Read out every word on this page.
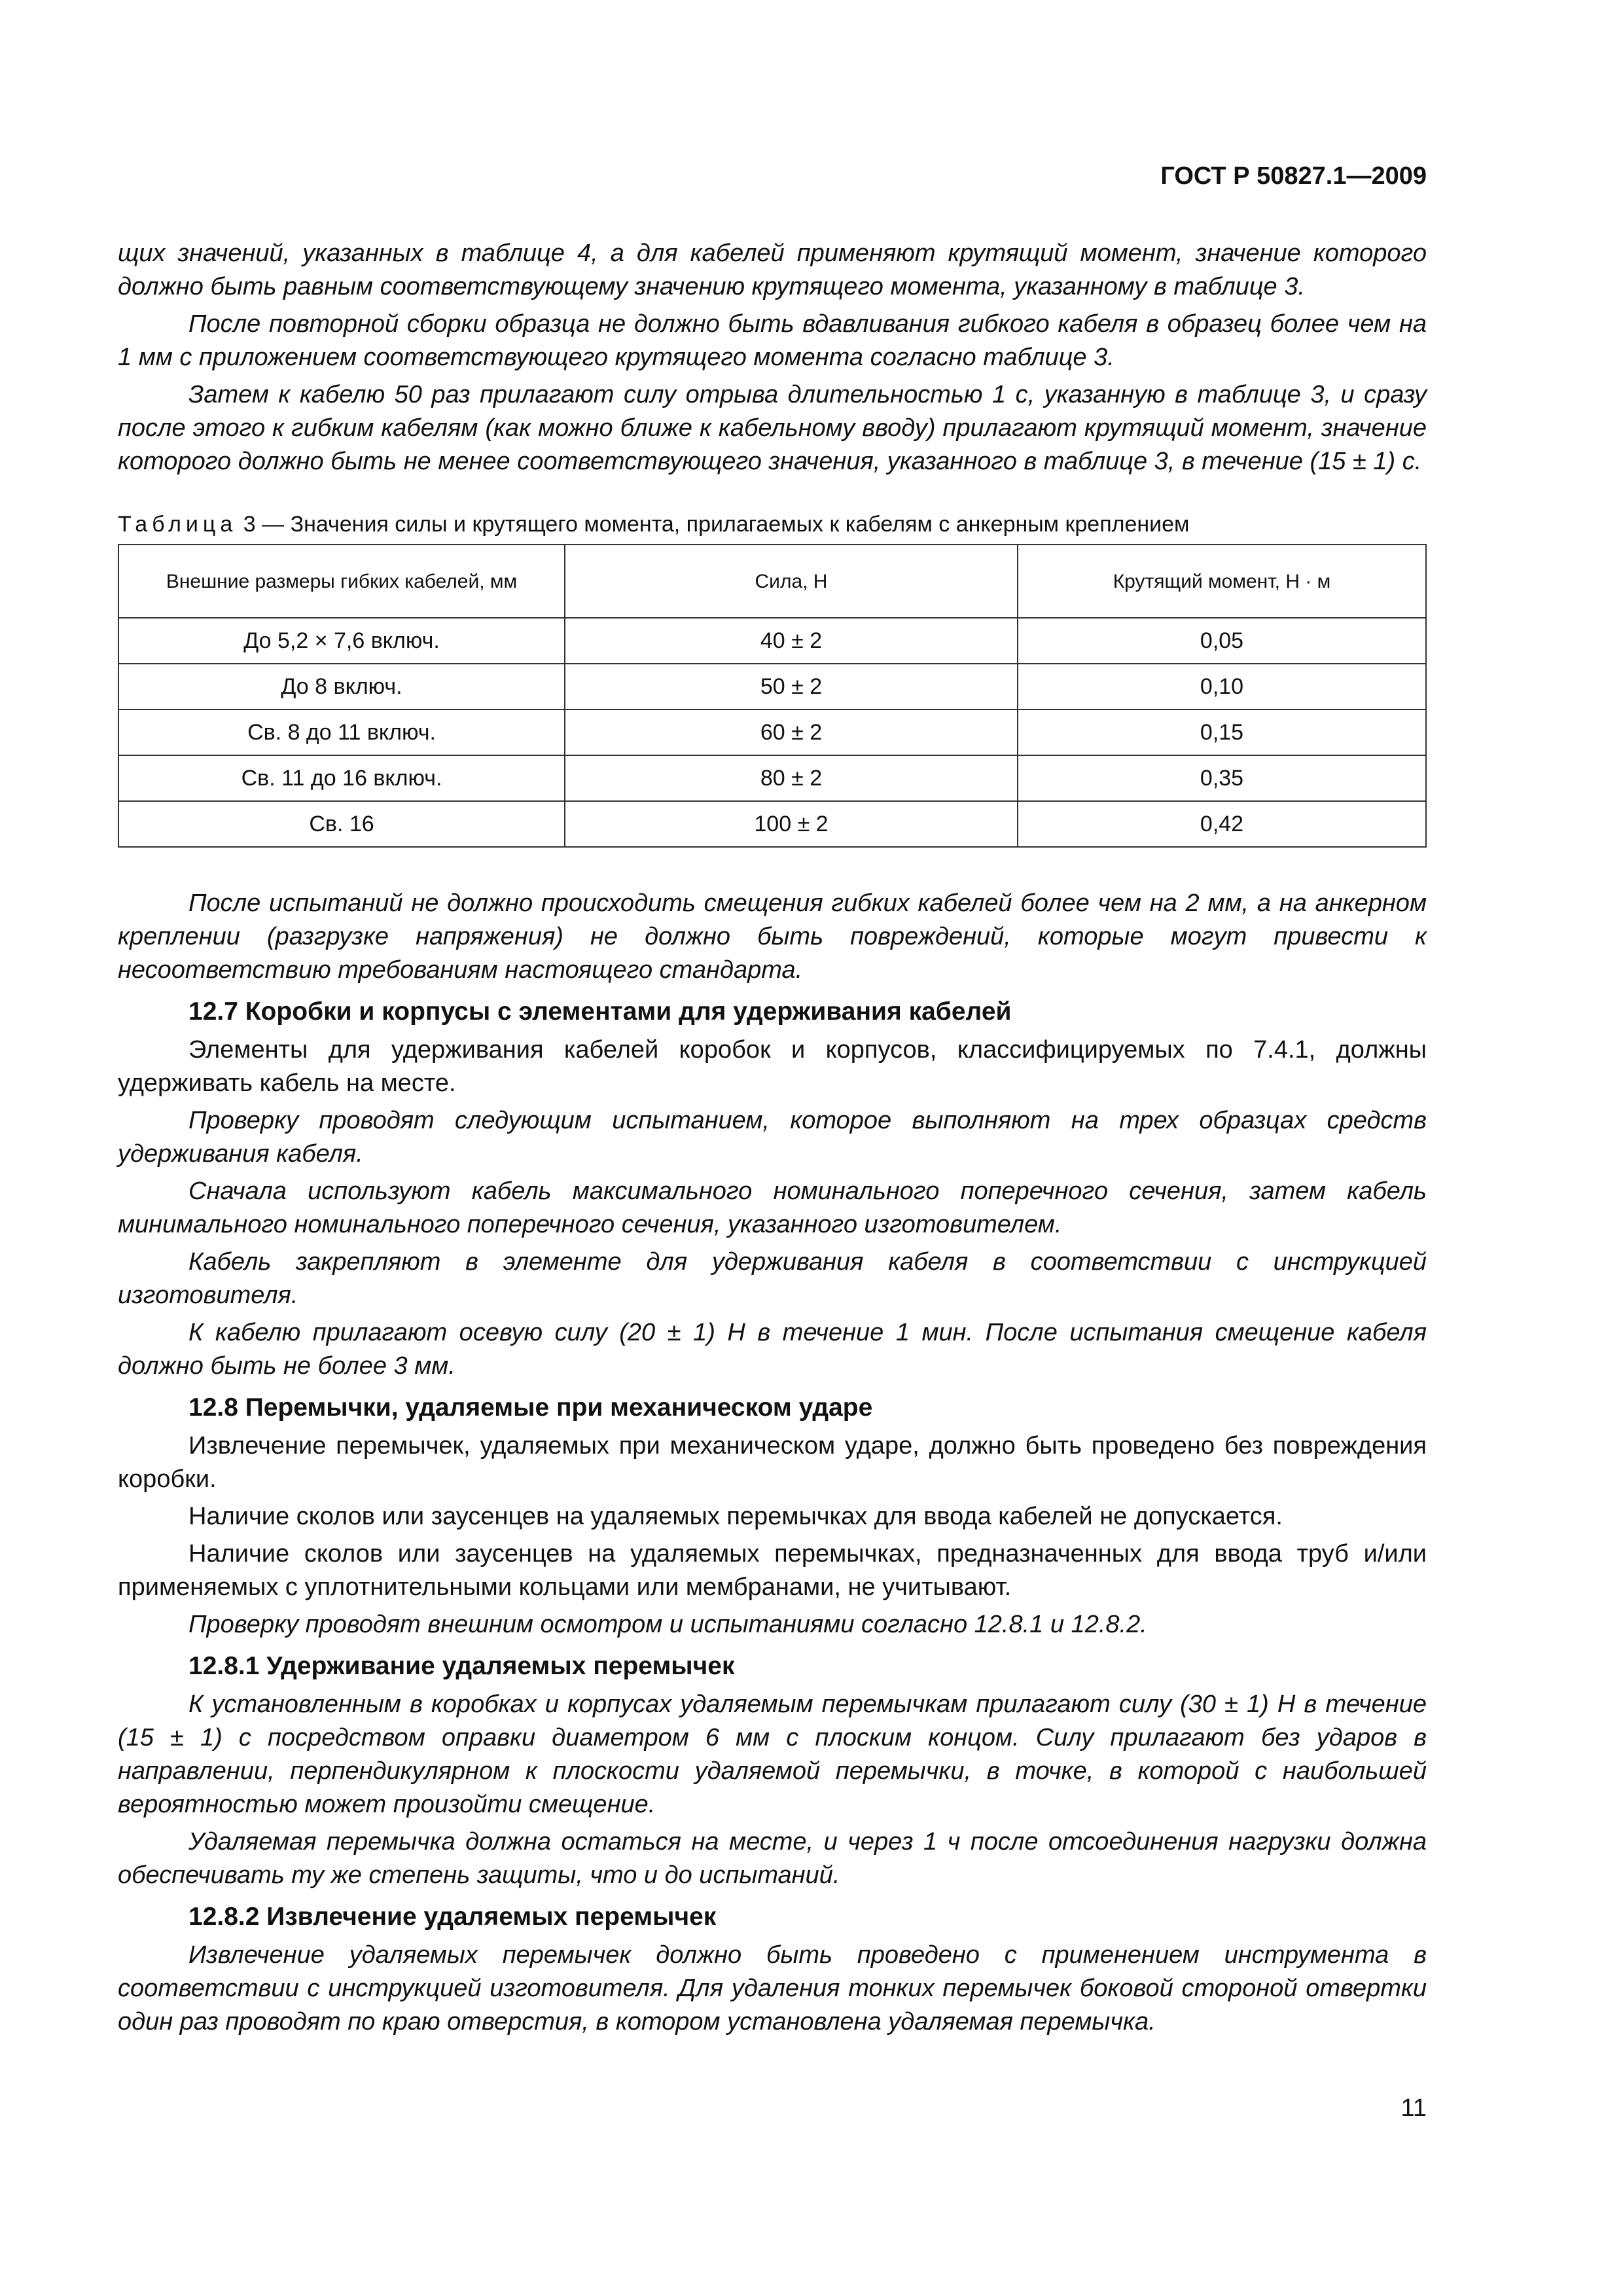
ГОСТ Р 50827.1—2009

щих значений, указанных в таблице 4, а для кабелей применяют крутящий момент, значение которого должно быть равным соответствующему значению крутящего момента, указанному в таблице 3.

После повторной сборки образца не должно быть вдавливания гибкого кабеля в образец более чем на 1 мм с приложением соответствующего крутящего момента согласно таблице 3.

Затем к кабелю 50 раз прилагают силу отрыва длительностью 1 с, указанную в таблице 3, и сразу после этого к гибким кабелям (как можно ближе к кабельному вводу) прилагают крутящий момент, значение которого должно быть не менее соответствующего значения, указанного в таблице 3, в течение (15 ± 1) с.

Таблица 3 — Значения силы и крутящего момента, прилагаемых к кабелям с анкерным креплением
Внешние размеры гибких кабелей, мм	Сила, Н	Крутящий момент, Н · м
До 5,2 × 7,6 включ.	40 ± 2	0,05
До 8 включ.	50 ± 2	0,10
Св. 8 до 11 включ.	60 ± 2	0,15
Св. 11 до 16 включ.	80 ± 2	0,35
Св. 16	100 ± 2	0,42

После испытаний не должно происходить смещения гибких кабелей более чем на 2 мм, а на анкерном креплении (разгрузке напряжения) не должно быть повреждений, которые могут привести к несоответствию требованиям настоящего стандарта.

12.7 Коробки и корпусы с элементами для удерживания кабелей

Элементы для удерживания кабелей коробок и корпусов, классифицируемых по 7.4.1, должны удерживать кабель на месте.

Проверку проводят следующим испытанием, которое выполняют на трех образцах средств удерживания кабеля.

Сначала используют кабель максимального номинального поперечного сечения, затем кабель минимального номинального поперечного сечения, указанного изготовителем.

Кабель закрепляют в элементе для удерживания кабеля в соответствии с инструкцией изготовителя.

К кабелю прилагают осевую силу (20 ± 1) Н в течение 1 мин. После испытания смещение кабеля должно быть не более 3 мм.

12.8 Перемычки, удаляемые при механическом ударе

Извлечение перемычек, удаляемых при механическом ударе, должно быть проведено без повреждения коробки.

Наличие сколов или заусенцев на удаляемых перемычках для ввода кабелей не допускается.

Наличие сколов или заусенцев на удаляемых перемычках, предназначенных для ввода труб и/или применяемых с уплотнительными кольцами или мембранами, не учитывают.

Проверку проводят внешним осмотром и испытаниями согласно 12.8.1 и 12.8.2.

12.8.1 Удерживание удаляемых перемычек

К установленным в коробках и корпусах удаляемым перемычкам прилагают силу (30 ± 1) Н в течение (15 ± 1) с посредством оправки диаметром 6 мм с плоским концом. Силу прилагают без ударов в направлении, перпендикулярном к плоскости удаляемой перемычки, в точке, в которой с наибольшей вероятностью может произойти смещение.

Удаляемая перемычка должна остаться на месте, и через 1 ч после отсоединения нагрузки должна обеспечивать ту же степень защиты, что и до испытаний.

12.8.2 Извлечение удаляемых перемычек

Извлечение удаляемых перемычек должно быть проведено с применением инструмента в соответствии с инструкцией изготовителя. Для удаления тонких перемычек боковой стороной отвертки один раз проводят по краю отверстия, в котором установлена удаляемая перемычка.

11
